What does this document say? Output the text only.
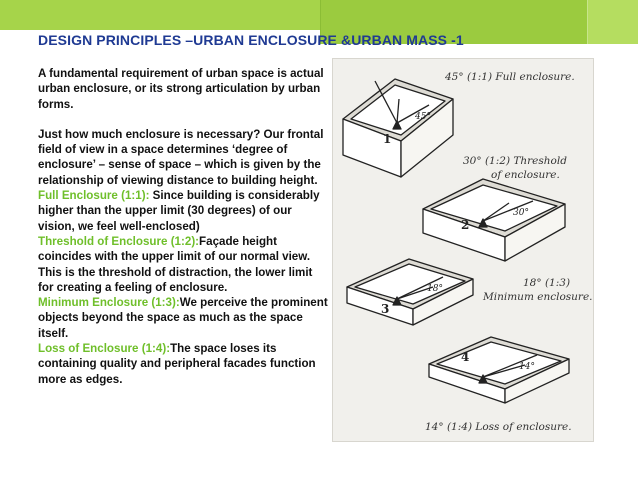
DESIGN PRINCIPLES –URBAN ENCLOSURE &URBAN MASS -1

A fundamental requirement of urban space is actual urban enclosure, or its strong articulation by urban forms.

Just how much enclosure is necessary? Our frontal field of view in a space determines ‘degree of enclosure’ – sense of space – which is given by the relationship of viewing distance to building height.

Full Enclosure (1:1): Since building is considerably higher than the upper limit (30 degrees) of our vision, we feel well-enclosed)

Threshold of Enclosure (1:2):Façade height coincides with the upper limit of our normal view. This is the threshold of distraction, the lower limit for creating a feeling of enclosure.

Minimum Enclosure (1:3):We perceive the prominent objects beyond the space as much as the space itself.

Loss of Enclosure (1:4):The space loses its containing quality and peripheral facades function more as edges.

1
2
3
4
45°
30°
18°
14°
45° (1:1) Full enclosure.
30° (1:2) Threshold
of enclosure.
18° (1:3)
Minimum enclosure.
14° (1:4) Loss of enclosure.
